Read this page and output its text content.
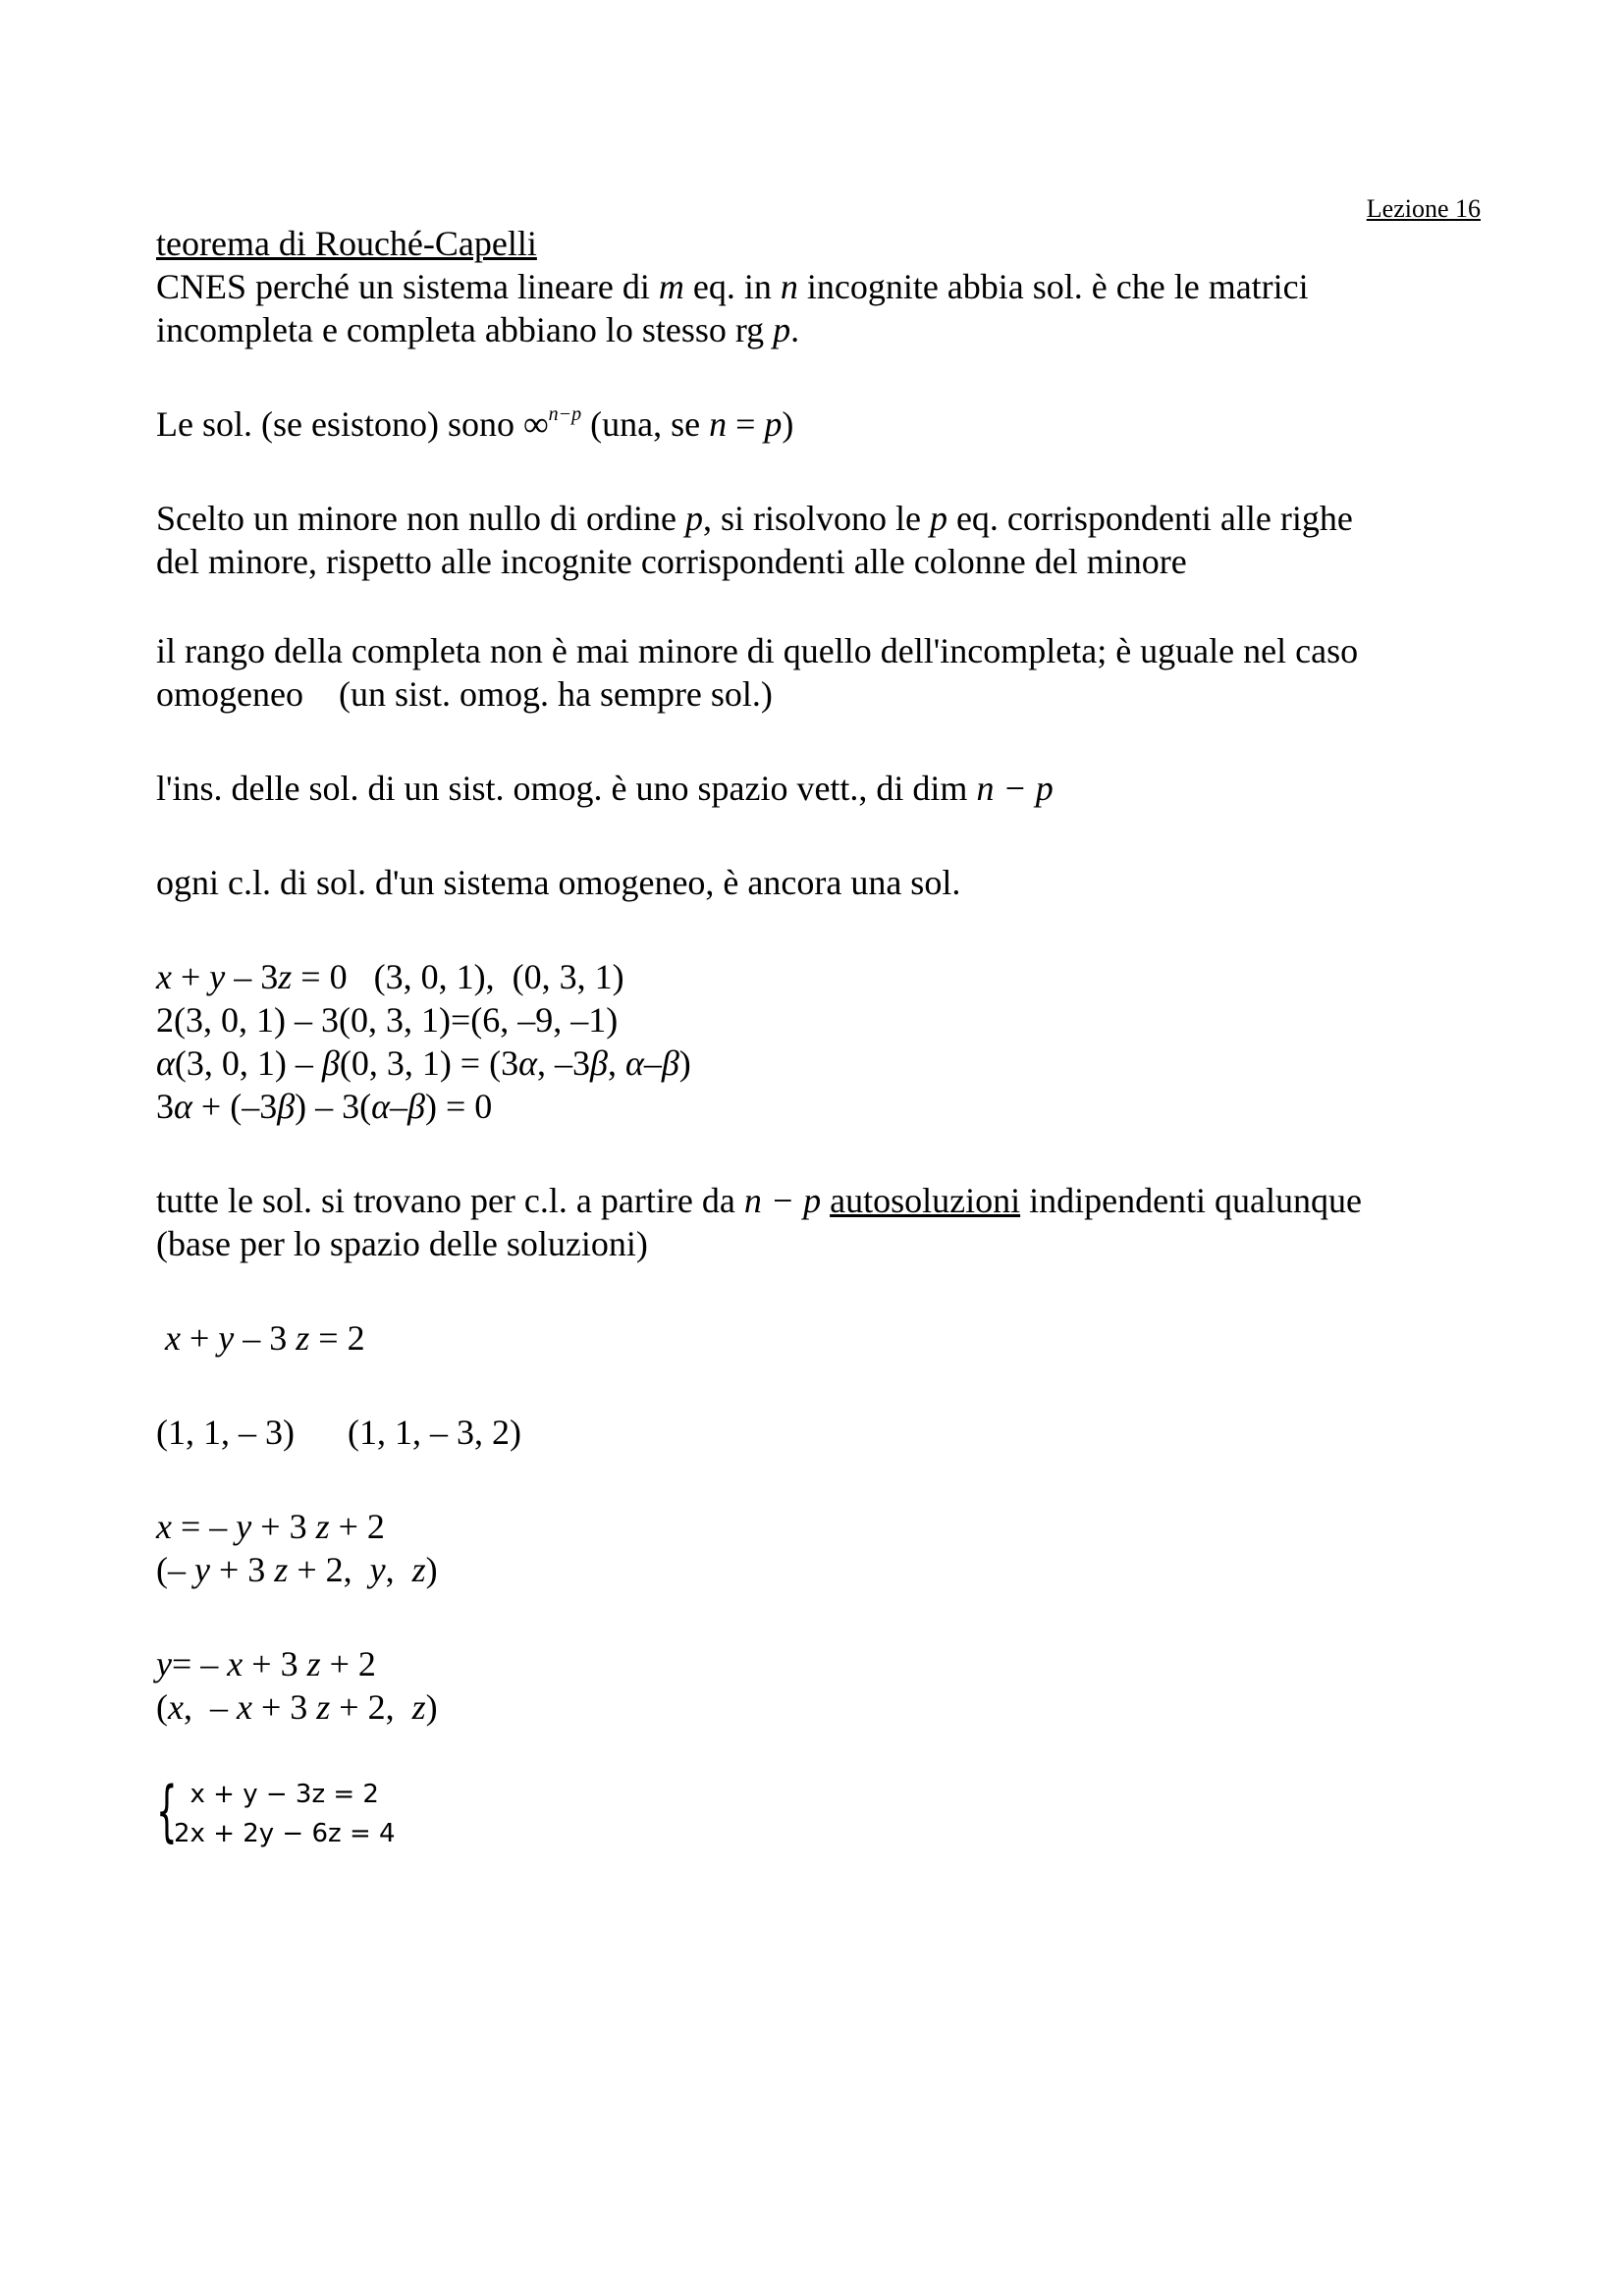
Lezione 16
teorema di Rouché-Capelli
CNES perché un sistema lineare di m eq. in n incognite abbia sol. è che le matrici
incompleta e completa abbiano lo stesso rg p.
Le sol. (se esistono) sono ∞$^{n-p}$ (una, se n = p)
Scelto un minore non nullo di ordine p, si risolvono le p eq. corrispondenti alle righe
del minore, rispetto alle incognite corrispondenti alle colonne del minore
il rango della completa non è mai minore di quello dell'incompleta; è uguale nel caso
omogeneo    (un sist. omog. ha sempre sol.)
l'ins. delle sol. di un sist. omog. è uno spazio vett., di dim n − p
ogni c.l. di sol. d'un sistema omogeneo, è ancora una sol.
x + y – 3z = 0   (3, 0, 1),  (0, 3, 1)
2(3, 0, 1) – 3(0, 3, 1)=(6, –9, –1)
α(3, 0, 1) – β(0, 3, 1) = (3α, –3β, α–β)
3α + (–3β) – 3(α–β) = 0
tutte le sol. si trovano per c.l. a partire da n − p autosoluzioni indipendenti qualunque
(base per lo spazio delle soluzioni)
x + y – 3 z = 2
(1, 1, – 3)      (1, 1, – 3, 2)
x = – y + 3 z + 2
(– y + 3 z + 2,  y,  z)
y= – x + 3 z + 2
(x,  – x + 3 z + 2,  z)
{
x + y − 3z = 2
2x + 2y − 6z = 4
